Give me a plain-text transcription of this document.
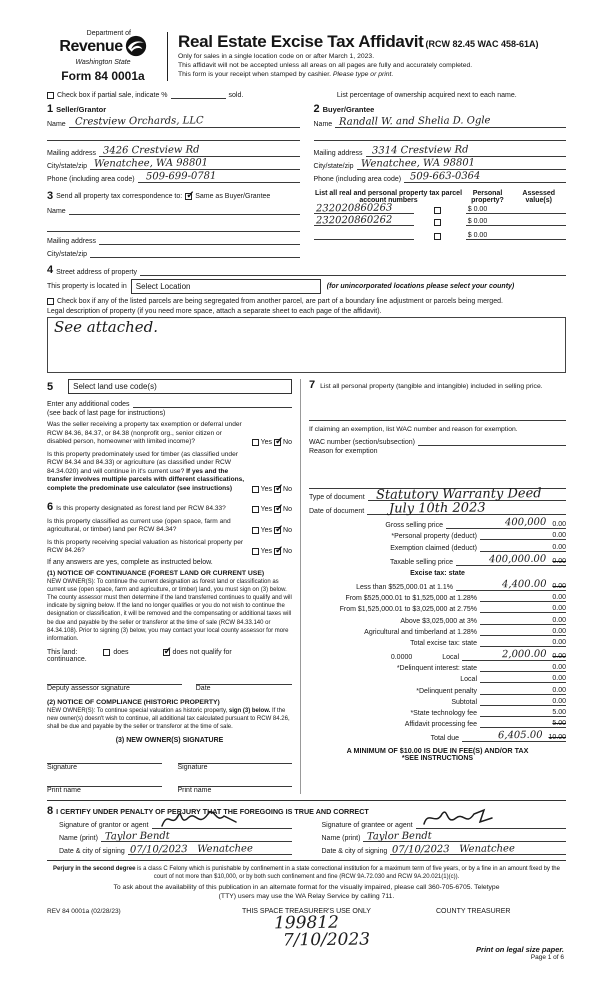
Department of
Revenue
Washington State
Form 84 0001a
Real Estate Excise Tax Affidavit (RCW 82.45 WAC 458-61A)
Only for sales in a single location code on or after March 1, 2023.
This affidavit will not be accepted unless all areas on all pages are fully and accurately completed.
This form is your receipt when stamped by cashier. Please type or print.
Check box if partial sale, indicate %	sold.	List percentage of ownership acquired next to each name.
1 Seller/Grantor
Name Crestview Orchards, LLC
Mailing address 3426 Crestview Rd
City/state/zip Wenatchee, WA 98801
Phone (including area code) 509-699-0781
2 Buyer/Grantee
Name Randall W. and Shelia D. Ogle
Mailing address 3314 Crestview Rd
City/state/zip Wenatchee, WA 98801
Phone (including area code) 509-663-0364
3 Send all property tax correspondence to: ✓ Same as Buyer/Grantee
Name
Mailing address
City/state/zip
List all real and personal property tax parcel account numbers
Personal property?
Assessed value(s)
232020860263	$ 0.00
232020860262	$ 0.00
$ 0.00
4 Street address of property
This property is located in	Select Location	(for unincorporated locations please select your county)
Check box if any of the listed parcels are being segregated from another parcel, are part of a boundary line adjustment or parcels being merged.
Legal description of property (if you need more space, attach a separate sheet to each page of the affidavit).
See attached.
5	Select land use code(s)
Enter any additional codes
(see back of last page for instructions)
Was the seller receiving a property tax exemption or deferral under RCW 84.36, 84.37, or 84.38 (nonprofit org., senior citizen or disabled person, homeowner with limited income)?	Yes ✓ No
Is this property predominately used for timber (as classified under RCW 84.34 and 84.33) or agriculture (as classified under RCW 84.34.020) and will continue in it's current use? If yes and the transfer involves multiple parcels with different classifications, complete the predominate use calculator (see instructions)	Yes ✓ No
6 Is this property designated as forest land per RCW 84.33?	Yes ✓ No
Is this property classified as current use (open space, farm and agricultural, or timber) land per RCW 84.34?	Yes ✓ No
Is this property receiving special valuation as historical property per RCW 84.26?	Yes ✓ No
If any answers are yes, complete as instructed below.
(1) NOTICE OF CONTINUANCE (FOREST LAND OR CURRENT USE)
NEW OWNER(S): To continue the current designation as forest land or classification as current use (open space, farm and agriculture, or timber) land, you must sign on (3) below. The county assessor must then determine if the land transferred continues to qualify and will indicate by signing below. If the land no longer qualifies or you do not wish to continue the designation or classification, it will be removed and the compensating or additional taxes will be due and payable by the seller or transferor at the time of sale (RCW 84.33.140 or 84.34.108). Prior to signing (3) below, you may contact your local county assessor for more information.
This land:	does ✓	does not qualify for
continuance.
Deputy assessor signature	Date
(2) NOTICE OF COMPLIANCE (HISTORIC PROPERTY)
NEW OWNER(S): To continue special valuation as historic property, sign (3) below. If the new owner(s) doesn't wish to continue, all additional tax calculated pursuant to RCW 84.26, shall be due and payable by the seller or transferor at the time of sale.
(3) NEW OWNER(S) SIGNATURE
Signature	Signature
Print name	Print name
7 List all personal property (tangible and intangible) included in selling price.
If claiming an exemption, list WAC number and reason for exemption.
WAC number (section/subsection)
Reason for exemption
Type of document Statutory Warranty Deed
Date of document July 10th 2023
Gross selling price	400,000 0.00
*Personal property (deduct)	0.00
Exemption claimed (deduct)	0.00
Taxable selling price	400,000.00 0.00
Excise tax: state
Less than $525,000.01 at 1.1%	4,400.00 0.00
From $525,000.01 to $1,525,000 at 1.28%	0.00
From $1,525,000.01 to $3,025,000 at 2.75%	0.00
Above $3,025,000 at 3%	0.00
Agricultural and timberland at 1.28%	0.00
Total excise tax: state	0.00
0.0000	Local	2,000.00 0.00
*Delinquent interest: state	0.00
Local	0.00
*Delinquent penalty	0.00
Subtotal	0.00
*State technology fee	5.00
Affidavit processing fee	5.00
Total due	6,405.00 10.00
A MINIMUM OF $10.00 IS DUE IN FEE(S) AND/OR TAX
*SEE INSTRUCTIONS
8 I CERTIFY UNDER PENALTY OF PERJURY THAT THE FOREGOING IS TRUE AND CORRECT
Signature of grantor or agent
Name (print) Taylor Bendt
Date & city of signing 07/10/2023 Wenatchee
Signature of grantee or agent
Name (print) Taylor Bendt
Date & city of signing 07/10/2023 Wenatchee
Perjury in the second degree is a class C Felony which is punishable by confinement in a state correctional institution for a maximum term of five years, or by a fine in an amount fixed by the court of not more than $10,000, or by both such confinement and fine (RCW 9A.72.030 and RCW 9A.20.021(1)(c)).
To ask about the availability of this publication in an alternate format for the visually impaired, please call 360-705-6705. Teletype
(TTY) users may use the WA Relay Service by calling 711.
REV 84 0001a (02/28/23)	THIS SPACE TREASURER'S USE ONLY
199812
7/10/2023
COUNTY TREASURER
Print on legal size paper.
Page 1 of 6
